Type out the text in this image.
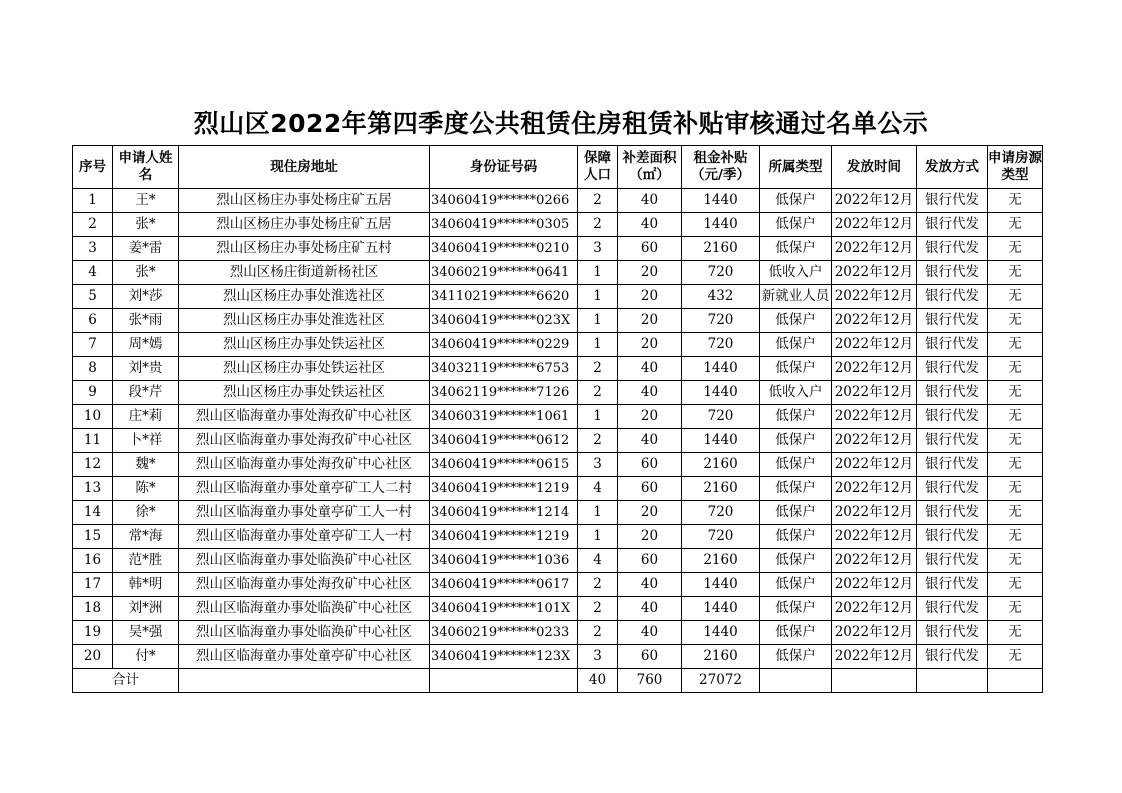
烈山区2022年第四季度公共租赁住房租赁补贴审核通过名单公示
序号	申请人姓名	现住房地址	身份证号码	保障人口	补差面积（㎡）	租金补贴（元/季）	所属类型	发放时间	发放方式	申请房源类型
1	王*	烈山区杨庄办事处杨庄矿五居	34060419******0266	2	40	1440	低保户	2022年12月	银行代发	无
2	张*	烈山区杨庄办事处杨庄矿五居	34060419******0305	2	40	1440	低保户	2022年12月	银行代发	无
3	姜*雷	烈山区杨庄办事处杨庄矿五村	34060419******0210	3	60	2160	低保户	2022年12月	银行代发	无
4	张*	烈山区杨庄街道新杨社区	34060219******0641	1	20	720	低收入户	2022年12月	银行代发	无
5	刘*莎	烈山区杨庄办事处淮选社区	34110219******6620	1	20	432	新就业人员	2022年12月	银行代发	无
6	张*雨	烈山区杨庄办事处淮选社区	34060419******023X	1	20	720	低保户	2022年12月	银行代发	无
7	周*嫣	烈山区杨庄办事处铁运社区	34060419******0229	1	20	720	低保户	2022年12月	银行代发	无
8	刘*贵	烈山区杨庄办事处铁运社区	34032119******6753	2	40	1440	低保户	2022年12月	银行代发	无
9	段*芹	烈山区杨庄办事处铁运社区	34062119******7126	2	40	1440	低收入户	2022年12月	银行代发	无
10	庄*莉	烈山区临海童办事处海孜矿中心社区	34060319******1061	1	20	720	低保户	2022年12月	银行代发	无
11	卜*祥	烈山区临海童办事处海孜矿中心社区	34060419******0612	2	40	1440	低保户	2022年12月	银行代发	无
12	魏*	烈山区临海童办事处海孜矿中心社区	34060419******0615	3	60	2160	低保户	2022年12月	银行代发	无
13	陈*	烈山区临海童办事处童亭矿工人二村	34060419******1219	4	60	2160	低保户	2022年12月	银行代发	无
14	徐*	烈山区临海童办事处童亭矿工人一村	34060419******1214	1	20	720	低保户	2022年12月	银行代发	无
15	常*海	烈山区临海童办事处童亭矿工人一村	34060419******1219	1	20	720	低保户	2022年12月	银行代发	无
16	范*胜	烈山区临海童办事处临涣矿中心社区	34060419******1036	4	60	2160	低保户	2022年12月	银行代发	无
17	韩*明	烈山区临海童办事处海孜矿中心社区	34060419******0617	2	40	1440	低保户	2022年12月	银行代发	无
18	刘*洲	烈山区临海童办事处临涣矿中心社区	34060419******101X	2	40	1440	低保户	2022年12月	银行代发	无
19	吴*强	烈山区临海童办事处临涣矿中心社区	34060219******0233	2	40	1440	低保户	2022年12月	银行代发	无
20	付*	烈山区临海童办事处童亭矿中心社区	34060419******123X	3	60	2160	低保户	2022年12月	银行代发	无
合计				40	760	27072				
